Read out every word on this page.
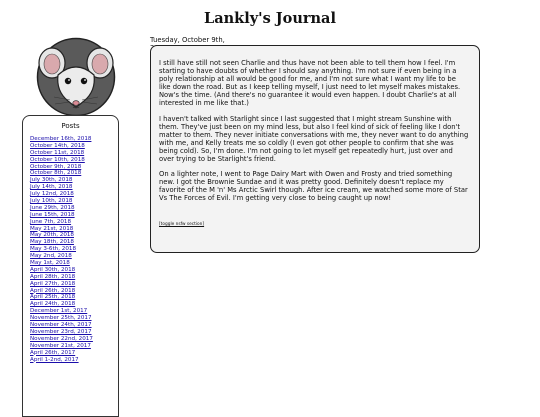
Lankly's Journal
Posts
December 16th, 2018
October 14th, 2018
October 11st, 2018
October 10th, 2018
October 9th, 2018
October 8th, 2018
July 30th, 2018
July 14th, 2018
July 12nd, 2018
July 10th, 2018
June 29th, 2018
June 15th, 2018
June 7th, 2018
May 21st, 2018
May 20th, 2018
May 18th, 2018
May 3-6th, 2018
May 2nd, 2018
May 1st, 2018
April 30th, 2018
April 28th, 2018
April 27th, 2018
April 26th, 2018
April 25th, 2018
April 24th, 2018
December 1st, 2017
November 25th, 2017
November 24th, 2017
November 23rd, 2017
November 22nd, 2017
November 21st, 2017
April 26th, 2017
April 1-2nd, 2017
Tuesday, October 9th,

I still have still not seen Charlie and thus have not been able to tell them how I feel. I'm starting to have doubts of whether I should say anything. I'm not sure if even being in a poly relationship at all would be good for me, and I'm not sure what I want my life to be like down the road. But as I keep telling myself, I just need to let myself makes mistakes. Now's the time. (And there's no guarantee it would even happen. I doubt Charlie's at all interested in me like that.)

I haven't talked with Starlight since I last suggested that I might stream Sunshine with them. They've just been on my mind less, but also I feel kind of sick of feeling like I don't matter to them. They never initiate conversations with me, they never want to do anything with me, and Kelly treats me so coldly (I even got other people to confirm that she was being cold). So, I'm done. I'm not going to let myself get repeatedly hurt, just over and over trying to be Starlight's friend.

On a lighter note, I went to Page Dairy Mart with Owen and Frosty and tried something new. I got the Brownie Sundae and it was pretty good. Definitely doesn't replace my favorite of the M 'n' Ms Arctic Swirl though. After ice cream, we watched some more of Star Vs The Forces of Evil. I'm getting very close to being caught up now!

[toggle nsfw section]
